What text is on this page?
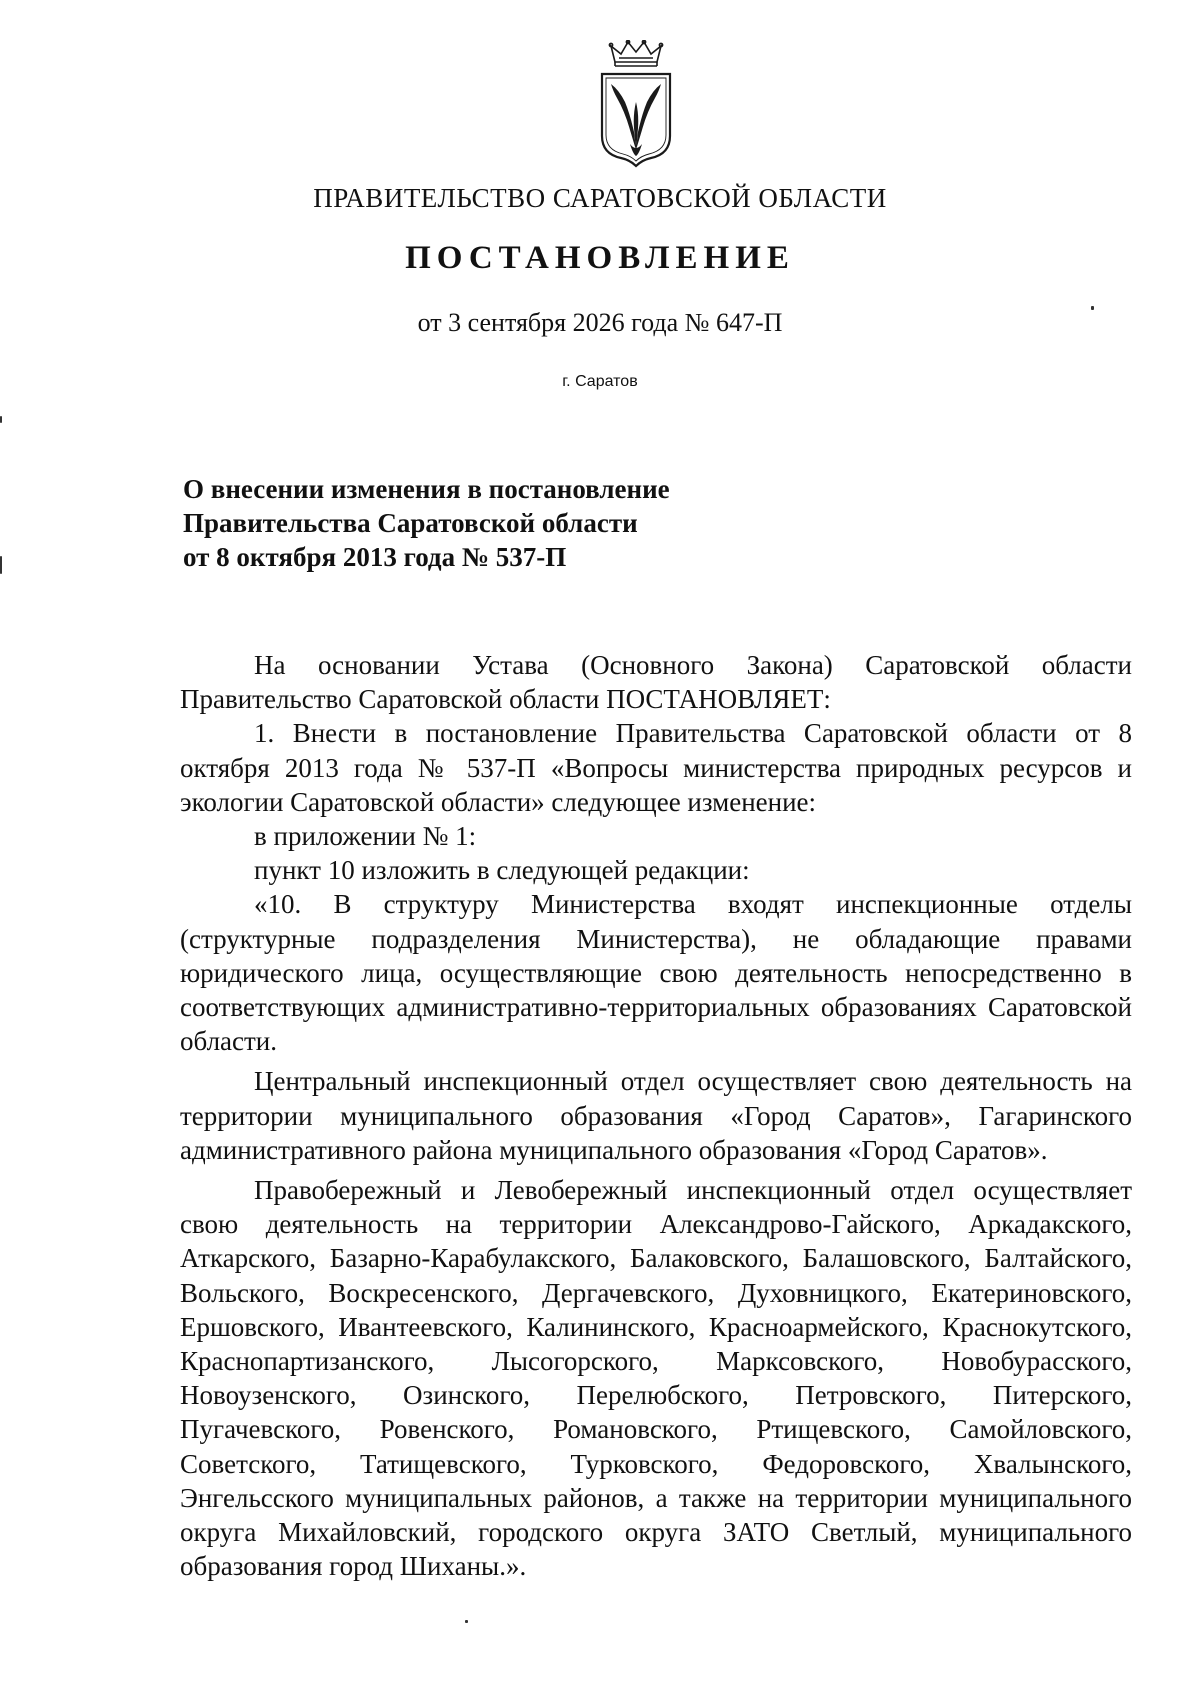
ПРАВИТЕЛЬСТВО САРАТОВСКОЙ ОБЛАСТИ
ПОСТАНОВЛЕНИЕ
от 3 сентября 2026 года № 647-П
г. Саратов
О внесении изменения в постановление
Правительства Саратовской области
от 8 октября 2013 года № 537-П

На основании Устава (Основного Закона) Саратовской области Правительство Саратовской области ПОСТАНОВЛЯЕТ:

1. Внести в постановление Правительства Саратовской области от 8 октября 2013 года № 537-П «Вопросы министерства природных ресурсов и экологии Саратовской области» следующее изменение:

в приложении № 1:

пункт 10 изложить в следующей редакции:

«10. В структуру Министерства входят инспекционные отделы (структурные подразделения Министерства), не обладающие правами юридического лица, осуществляющие свою деятельность непосредственно в соответствующих административно-территориальных образованиях Саратовской области.

Центральный инспекционный отдел осуществляет свою деятельность на территории муниципального образования «Город Саратов», Гагаринского административного района муниципального образования «Город Саратов».

Правобережный и Левобережный инспекционный отдел осуществляет свою деятельность на территории Александрово-Гайского, Аркадакского, Аткарского, Базарно-Карабулакского, Балаковского, Балашовского, Балтайского, Вольского, Воскресенского, Дергачевского, Духовницкого, Екатериновского, Ершовского, Ивантеевского, Калининского, Красноармейского, Краснокутского, Краснопартизанского, Лысогорского, Марксовского, Новобурасского, Новоузенского, Озинского, Перелюбского, Петровского, Питерского, Пугачевского, Ровенского, Романовского, Ртищевского, Самойловского, Советского, Татищевского, Турковского, Федоровского, Хвалынского, Энгельсского муниципальных районов, а также на территории муниципального округа Михайловский, городского округа ЗАТО Светлый, муниципального образования город Шиханы.».
